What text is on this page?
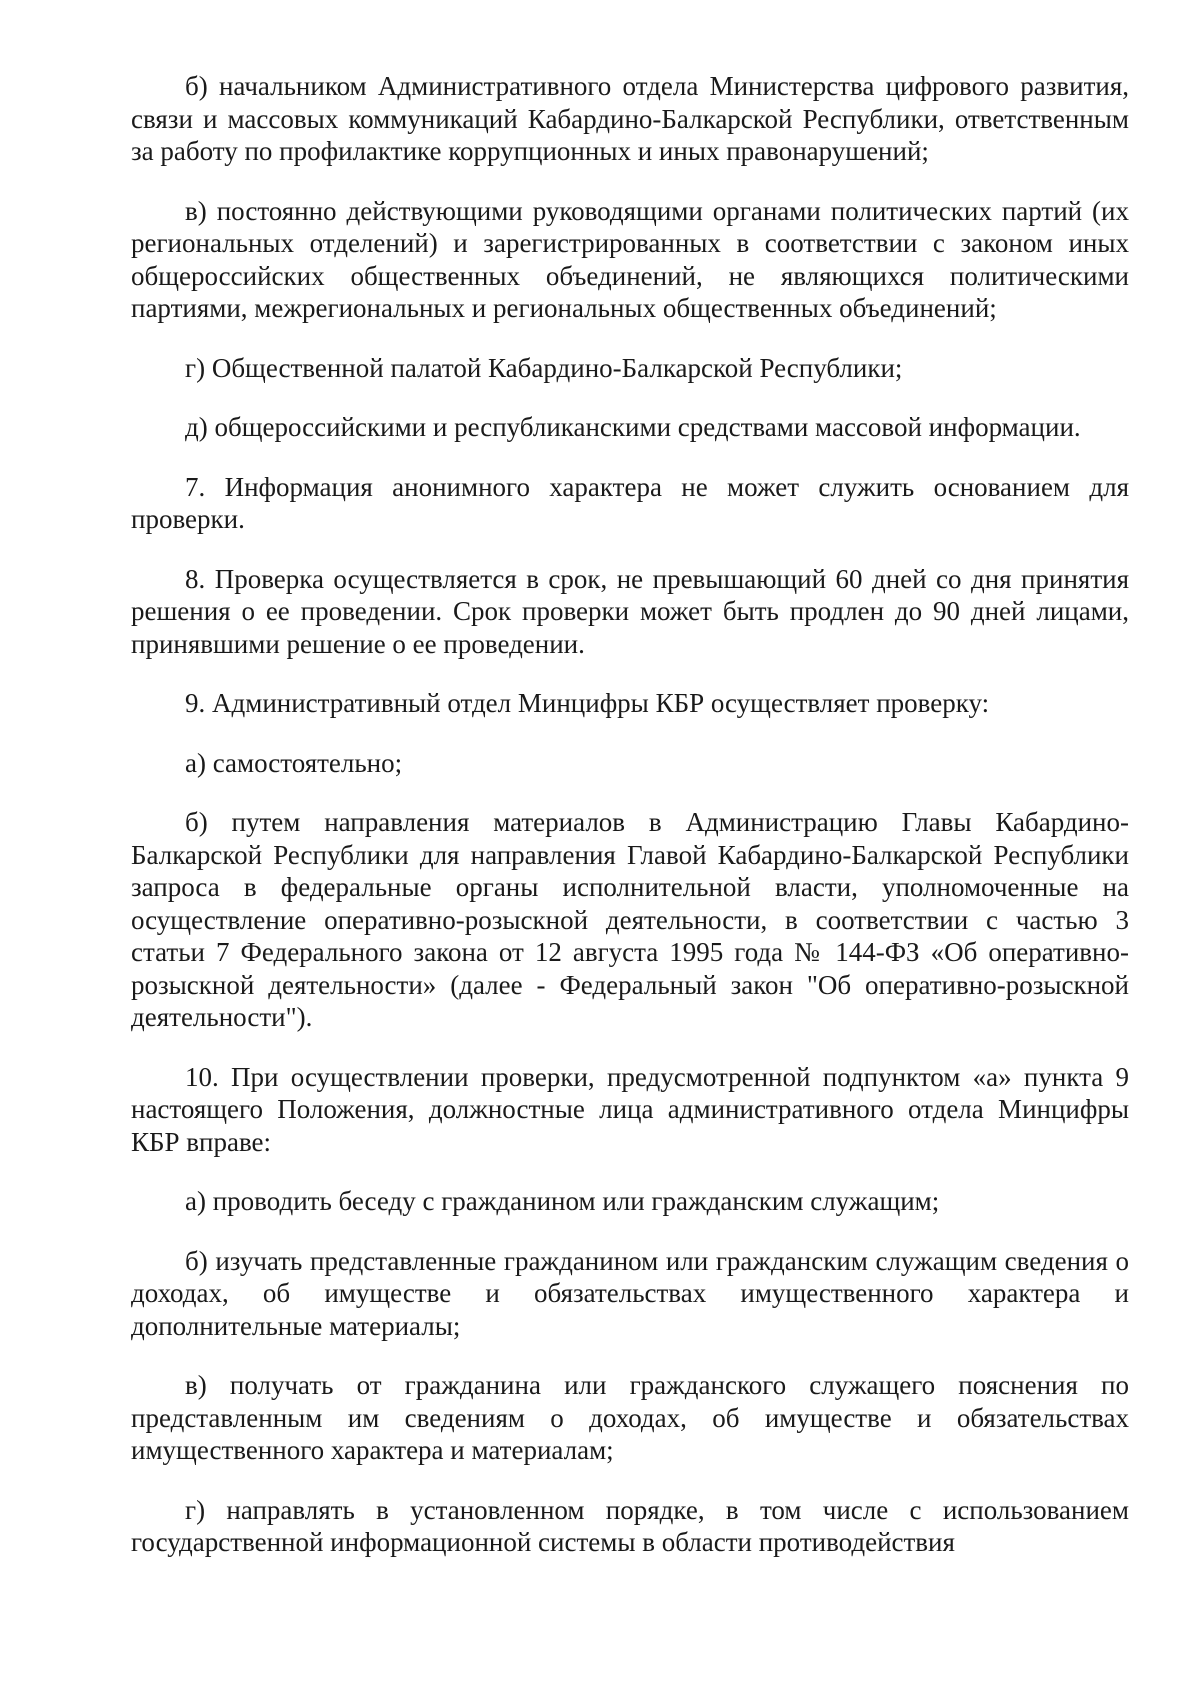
б) начальником Административного отдела Министерства цифрового развития, связи и массовых коммуникаций Кабардино-Балкарской Республики, ответственным за работу по профилактике коррупционных и иных правонарушений;

в) постоянно действующими руководящими органами политических партий (их региональных отделений) и зарегистрированных в соответствии с законом иных общероссийских общественных объединений, не являющихся политическими партиями, межрегиональных и региональных общественных объединений;

г) Общественной палатой Кабардино-Балкарской Республики;

д) общероссийскими и республиканскими средствами массовой информации.

7. Информация анонимного характера не может служить основанием для проверки.

8. Проверка осуществляется в срок, не превышающий 60 дней со дня принятия решения о ее проведении. Срок проверки может быть продлен до 90 дней лицами, принявшими решение о ее проведении.

9. Административный отдел Минцифры КБР осуществляет проверку:

а) самостоятельно;

б) путем направления материалов в Администрацию Главы Кабардино-Балкарской Республики для направления Главой Кабардино-Балкарской Республики запроса в федеральные органы исполнительной власти, уполномоченные на осуществление оперативно-розыскной деятельности, в соответствии с частью 3 статьи 7 Федерального закона от 12 августа 1995 года № 144-ФЗ «Об оперативно-розыскной деятельности» (далее - Федеральный закон "Об оперативно-розыскной деятельности").

10. При осуществлении проверки, предусмотренной подпунктом «а» пункта 9 настоящего Положения, должностные лица административного отдела Минцифры КБР вправе:

а) проводить беседу с гражданином или гражданским служащим;

б) изучать представленные гражданином или гражданским служащим сведения о доходах, об имуществе и обязательствах имущественного характера и дополнительные материалы;

в) получать от гражданина или гражданского служащего пояснения по представленным им сведениям о доходах, об имуществе и обязательствах имущественного характера и материалам;

г) направлять в установленном порядке, в том числе с использованием государственной информационной системы в области противодействия
